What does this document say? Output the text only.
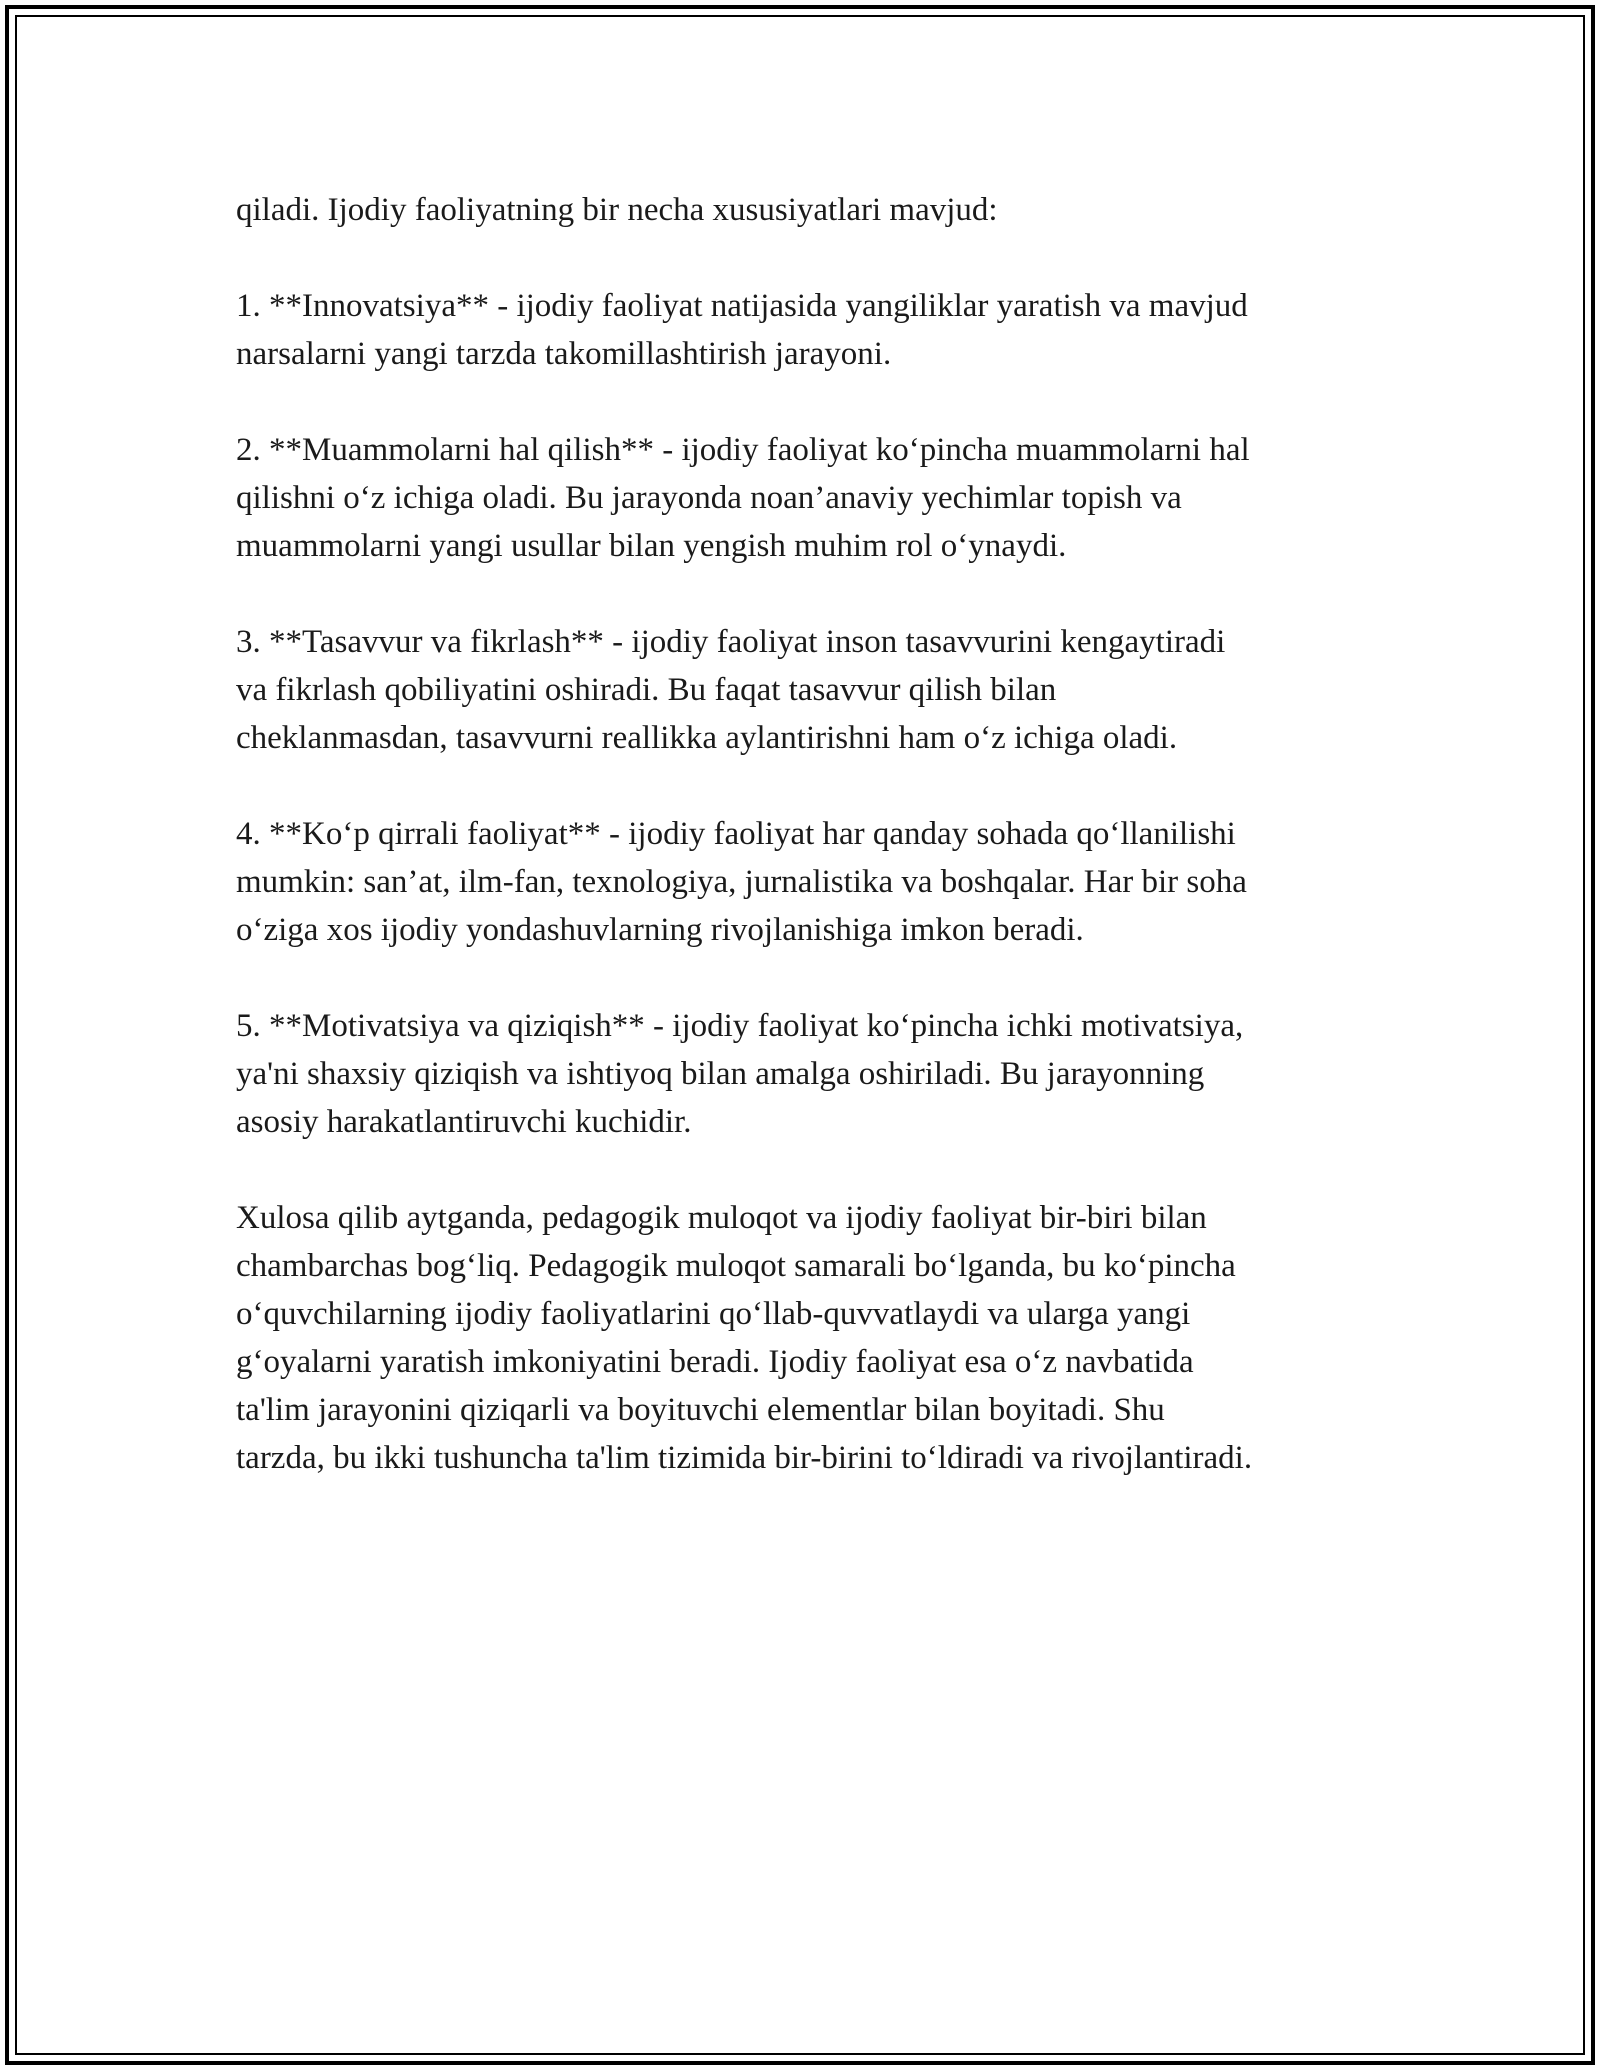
qiladi. Ijodiy faoliyatning bir necha xususiyatlari mavjud:

1. **Innovatsiya** - ijodiy faoliyat natijasida yangiliklar yaratish va mavjud
narsalarni yangi tarzda takomillashtirish jarayoni.

2. **Muammolarni hal qilish** - ijodiy faoliyat ko‘pincha muammolarni hal
qilishni o‘z ichiga oladi. Bu jarayonda noan’anaviy yechimlar topish va
muammolarni yangi usullar bilan yengish muhim rol o‘ynaydi.

3. **Tasavvur va fikrlash** - ijodiy faoliyat inson tasavvurini kengaytiradi
va fikrlash qobiliyatini oshiradi. Bu faqat tasavvur qilish bilan
cheklanmasdan, tasavvurni reallikka aylantirishni ham o‘z ichiga oladi.

4. **Ko‘p qirrali faoliyat** - ijodiy faoliyat har qanday sohada qo‘llanilishi
mumkin: san’at, ilm-fan, texnologiya, jurnalistika va boshqalar. Har bir soha
o‘ziga xos ijodiy yondashuvlarning rivojlanishiga imkon beradi.

5. **Motivatsiya va qiziqish** - ijodiy faoliyat ko‘pincha ichki motivatsiya,
ya'ni shaxsiy qiziqish va ishtiyoq bilan amalga oshiriladi. Bu jarayonning
asosiy harakatlantiruvchi kuchidir.

Xulosa qilib aytganda, pedagogik muloqot va ijodiy faoliyat bir-biri bilan
chambarchas bog‘liq. Pedagogik muloqot samarali bo‘lganda, bu ko‘pincha
o‘quvchilarning ijodiy faoliyatlarini qo‘llab-quvvatlaydi va ularga yangi
g‘oyalarni yaratish imkoniyatini beradi. Ijodiy faoliyat esa o‘z navbatida
ta'lim jarayonini qiziqarli va boyituvchi elementlar bilan boyitadi. Shu
tarzda, bu ikki tushuncha ta'lim tizimida bir-birini to‘ldiradi va rivojlantiradi.
